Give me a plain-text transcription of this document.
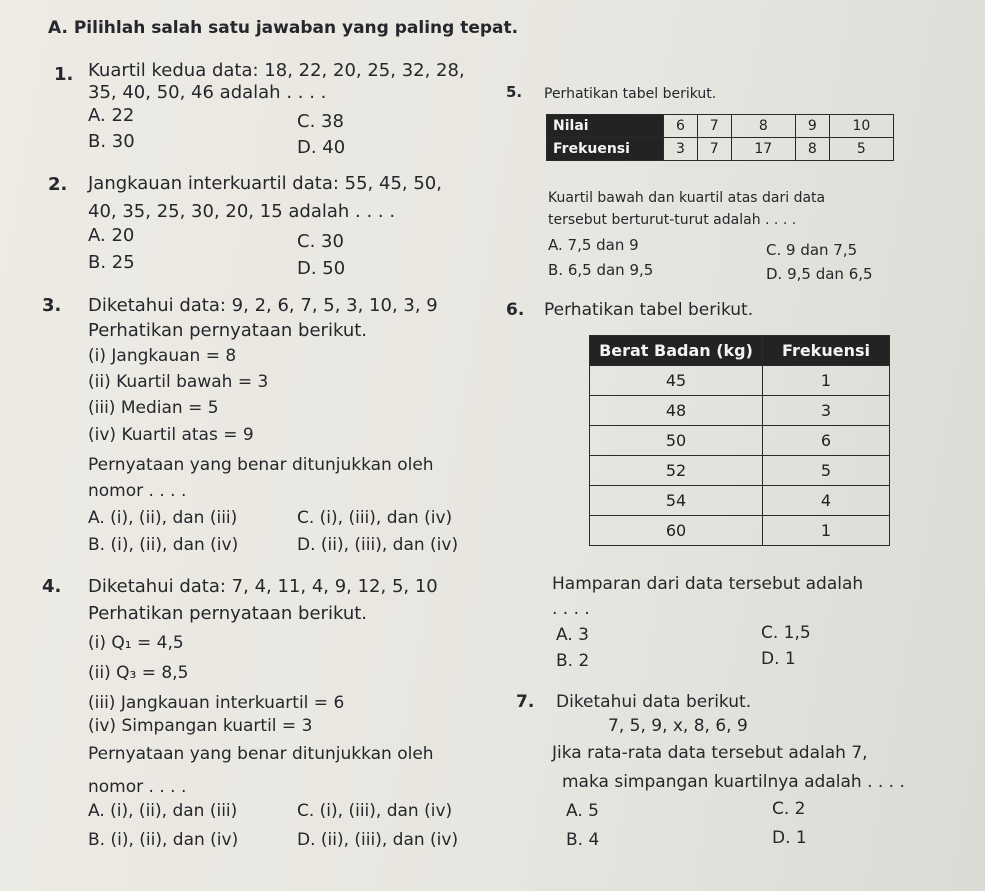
A. Pilihlah salah satu jawaban yang paling tepat.
1. Kuartil kedua data: 18, 22, 20, 25, 32, 28,
35, 40, 50, 46 adalah . . . .
A. 22
B. 30
C. 38
D. 40
2. Jangkauan interkuartil data: 55, 45, 50,
40, 35, 25, 30, 20, 15 adalah . . . .
A. 20
B. 25
C. 30
D. 50
3. Diketahui data: 9, 2, 6, 7, 5, 3, 10, 3, 9
Perhatikan pernyataan berikut.
(i) Jangkauan = 8
(ii) Kuartil bawah = 3
(iii) Median = 5
(iv) Kuartil atas = 9
Pernyataan yang benar ditunjukkan oleh
nomor . . . .
A. (i), (ii), dan (iii)
B. (i), (ii), dan (iv)
C. (i), (iii), dan (iv)
D. (ii), (iii), dan (iv)
4. Diketahui data: 7, 4, 11, 4, 9, 12, 5, 10
Perhatikan pernyataan berikut.
(i) Q₁ = 4,5
(ii) Q₃ = 8,5
(iii) Jangkauan interkuartil = 6
(iv) Simpangan kuartil = 3
Pernyataan yang benar ditunjukkan oleh
nomor . . . .
A. (i), (ii), dan (iii)
B. (i), (ii), dan (iv)
C. (i), (iii), dan (iv)
D. (ii), (iii), dan (iv)
5. Perhatikan tabel berikut.
Nilai	6	7	8	9	10
Frekuensi	3	7	17	8	5
Kuartil bawah dan kuartil atas dari data
tersebut berturut-turut adalah . . . .
A. 7,5 dan 9
B. 6,5 dan 9,5
C. 9 dan 7,5
D. 9,5 dan 6,5
6. Perhatikan tabel berikut.
Berat Badan (kg)	Frekuensi
45	1
48	3
50	6
52	5
54	4
60	1
Hamparan dari data tersebut adalah
. . . .
A. 3
B. 2
C. 1,5
D. 1
7. Diketahui data berikut.
7, 5, 9, x, 8, 6, 9
Jika rata-rata data tersebut adalah 7,
maka simpangan kuartilnya adalah . . . .
A. 5
B. 4
C. 2
D. 1
